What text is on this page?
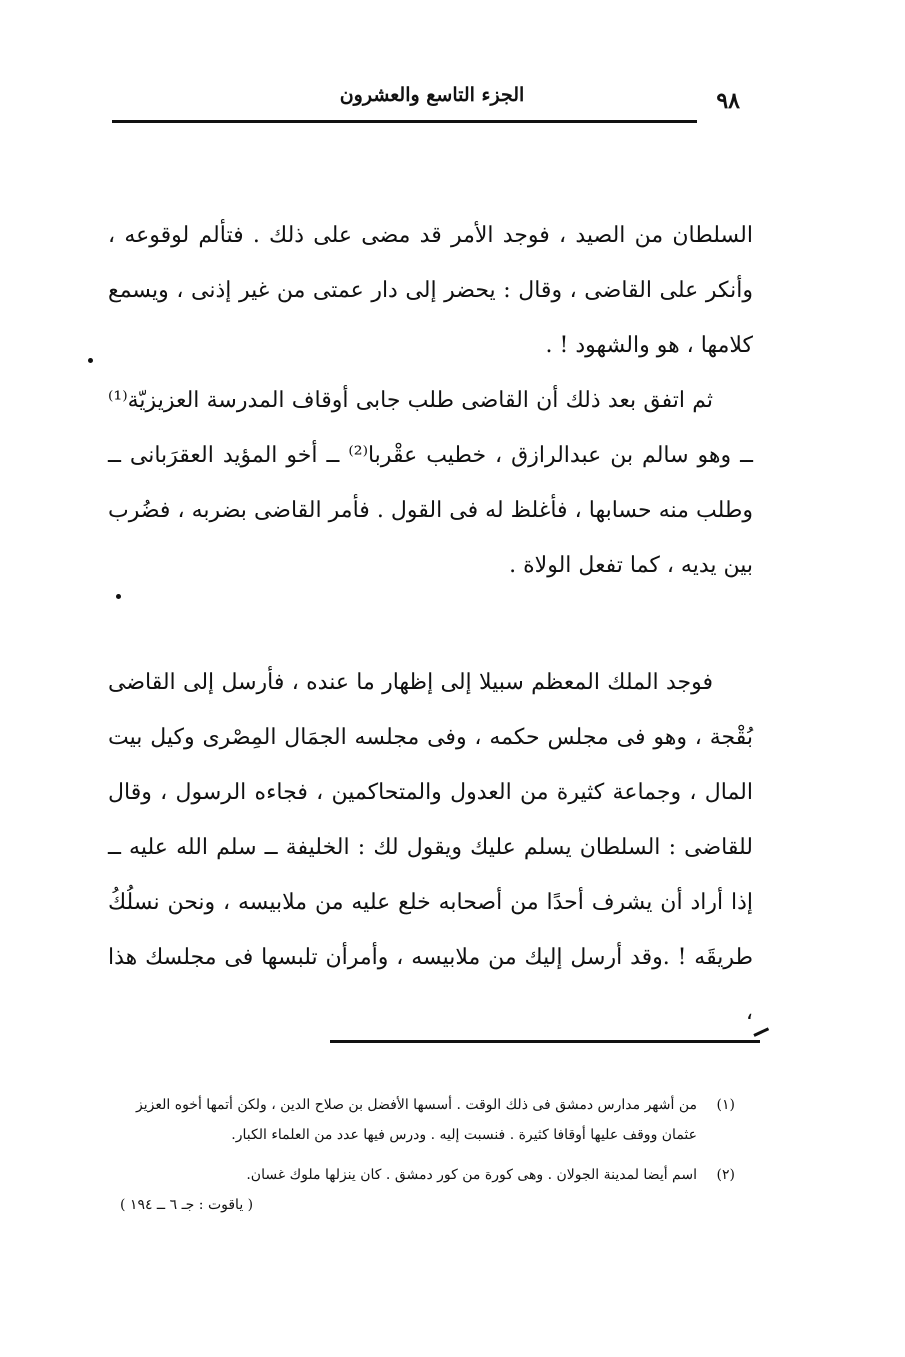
٩٨
الجزء التاسع والعشرون

السلطان من الصيد ، فوجد الأمر قد مضى على ذلك . فتألم لوقوعه ، وأنكر على القاضى ، وقال : يحضر إلى دار عمتى من غير إذنى ، ويسمع كلامها ، هو والشهود ! .

ثم اتفق بعد ذلك أن القاضى طلب جابى أوقاف المدرسة العزيزيّة⁽¹⁾ ــ وهو سالم بن عبدالرازق ، خطيب عقْربا⁽²⁾ ــ أخو المؤيد العقرَبانى ــ وطلب منه حسابها ، فأغلظ له فى القول . فأمر القاضى بضربه ، فضُرب بين يديه ، كما تفعل الولاة .

فوجد الملك المعظم سبيلا إلى إظهار ما عنده ، فأرسل إلى القاضى بُقْجة ، وهو فى مجلس حكمه ، وفى مجلسه الجمَال المِصْرى وكيل بيت المال ، وجماعة كثيرة من العدول والمتحاكمين ، فجاءه الرسول ، وقال للقاضى : السلطان يسلم عليك ويقول لك : الخليفة ــ سلم الله عليه ــ إذا أراد أن يشرف أحدًا من أصحابه خلع عليه من ملابيسه ، ونحن نسلُكُ طريقَه ! .وقد أرسل إليك من ملابيسه ، وأمرأن تلبسها فى مجلسك هذا ،

(١)
من أشهر مدارس دمشق فى ذلك الوقت . أسسها الأفضل بن صلاح الدين ، ولكن أتمها أخوه العزيز عثمان ووقف عليها أوقافا كثيرة . فنسبت إليه . ودرس فيها عدد من العلماء الكبار.
(٢)
اسم أيضا لمدينة الجولان . وهى كورة من كور دمشق . كان ينزلها ملوك غسان.
( ياقوت : جـ ٦ ــ ١٩٤ )
